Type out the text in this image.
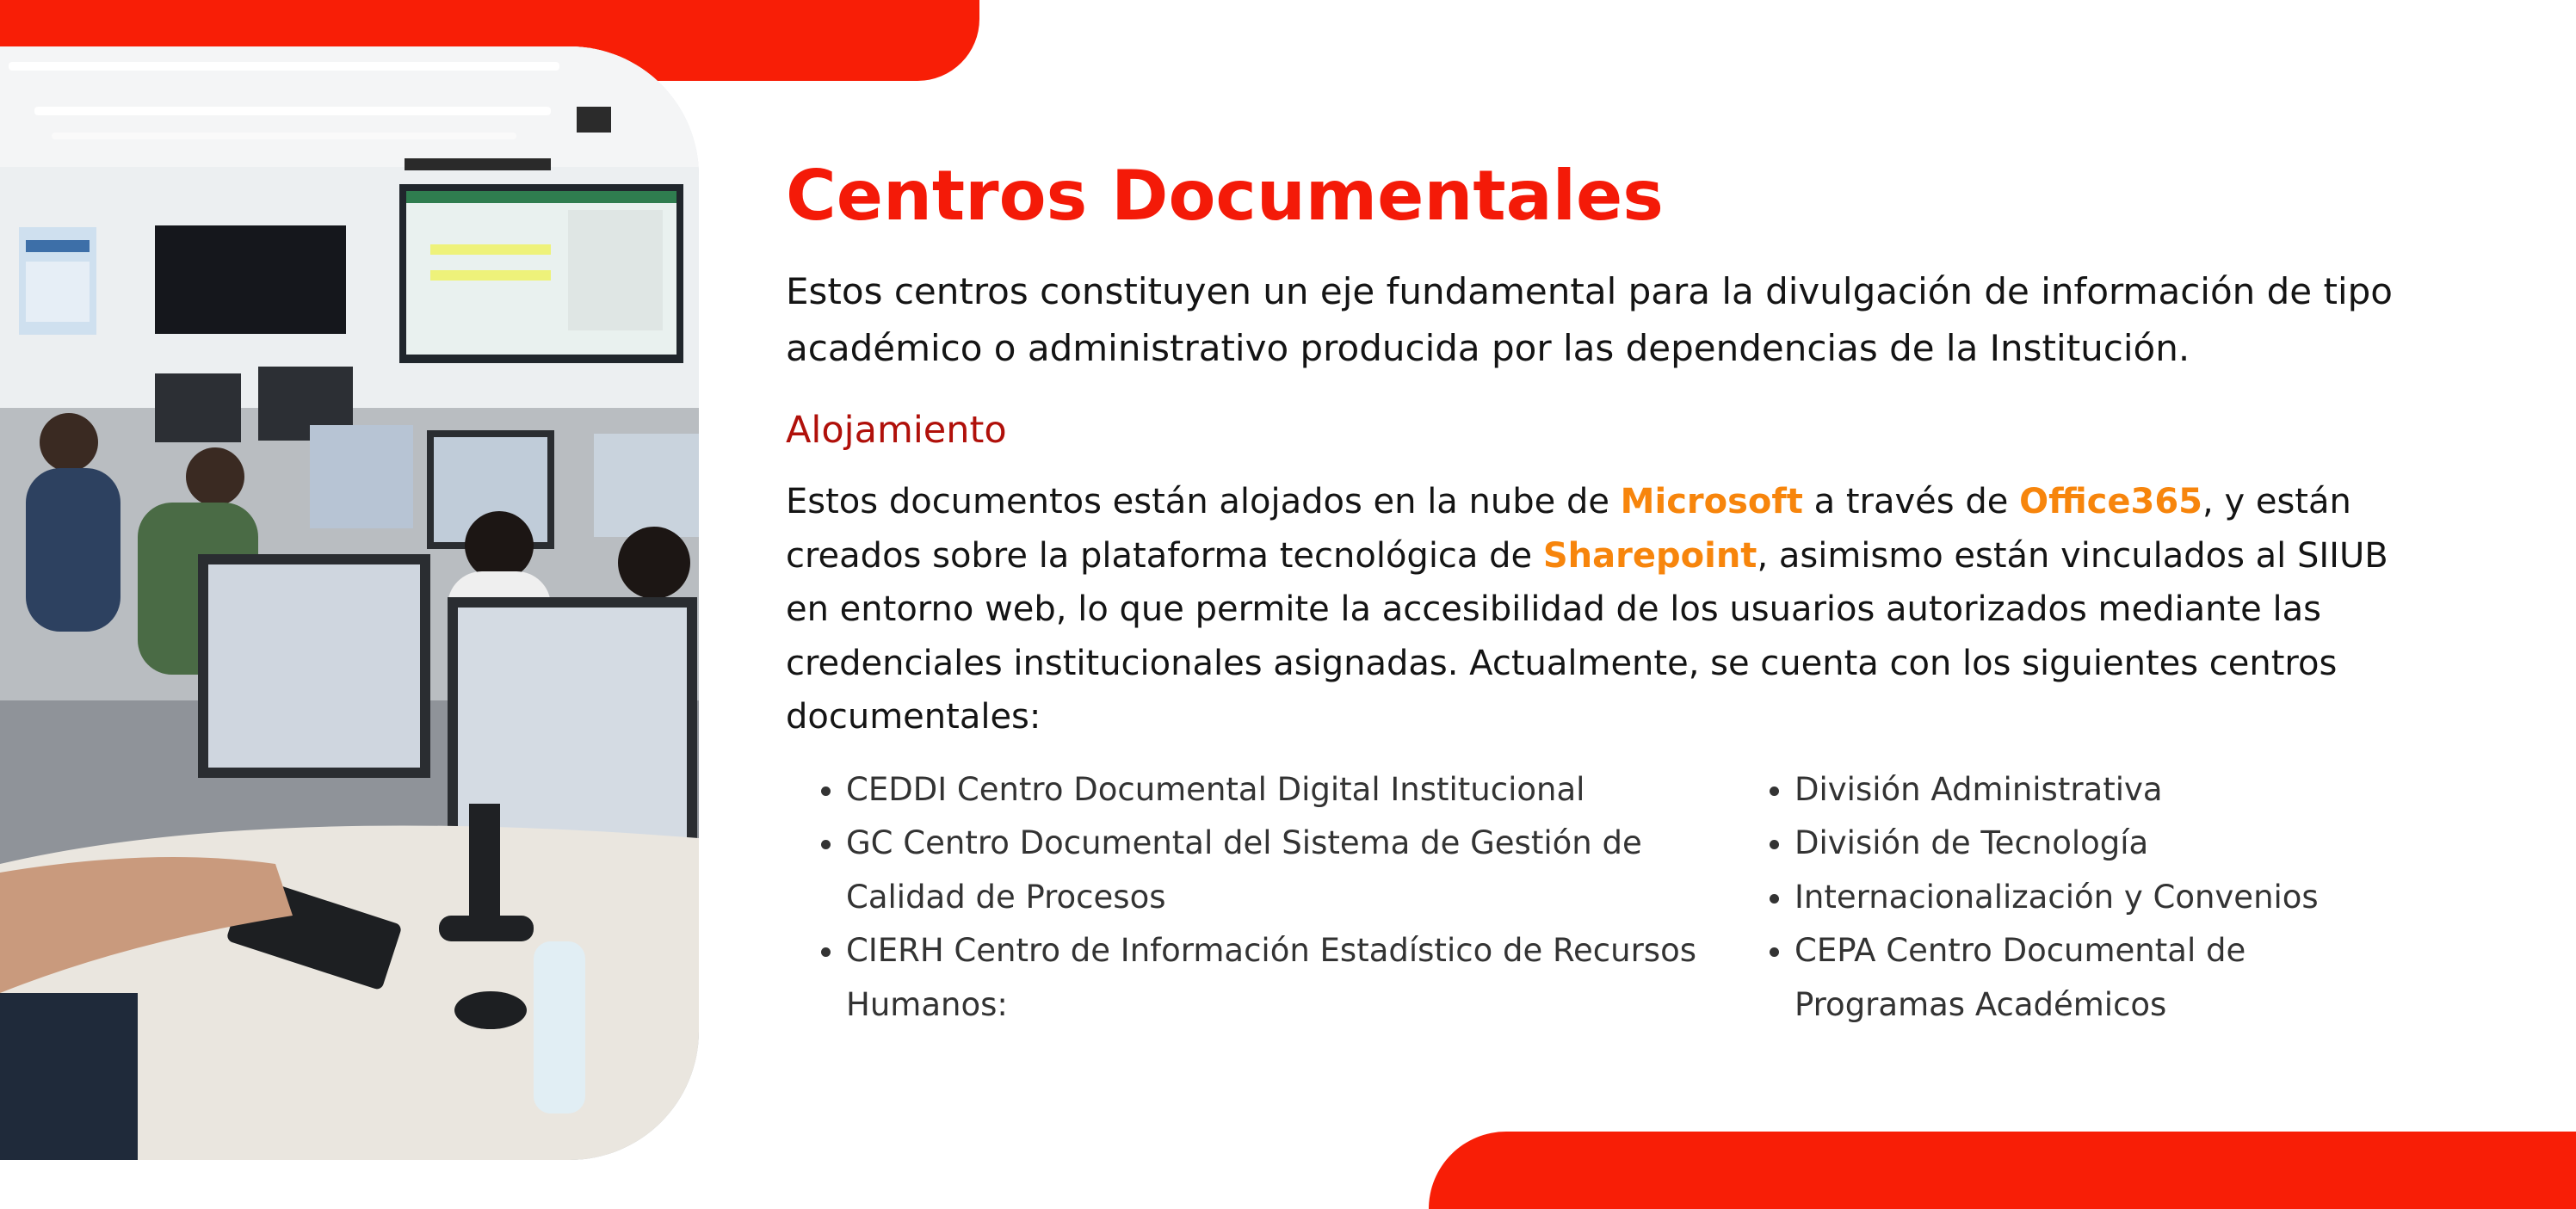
Centros Documentales

Estos centros constituyen un eje fundamental para la divulgación de información de tipo académico o administrativo producida por las dependencias de la Institución.

Alojamiento

Estos documentos están alojados en la nube de Microsoft a través de Office365, y están creados sobre la plataforma tecnológica de Sharepoint, asimismo están vinculados al SIIUB en entorno web, lo que permite la accesibilidad de los usuarios autorizados mediante las credenciales institucionales asignadas. Actualmente, se cuenta con los siguientes centros documentales:

• CEDDI Centro Documental Digital Institucional
• GC Centro Documental del Sistema de Gestión de Calidad de Procesos
• CIERH Centro de Información Estadístico de Recursos Humanos:
• División Administrativa
• División de Tecnología
• Internacionalización y Convenios
• CEPA Centro Documental de Programas Académicos
